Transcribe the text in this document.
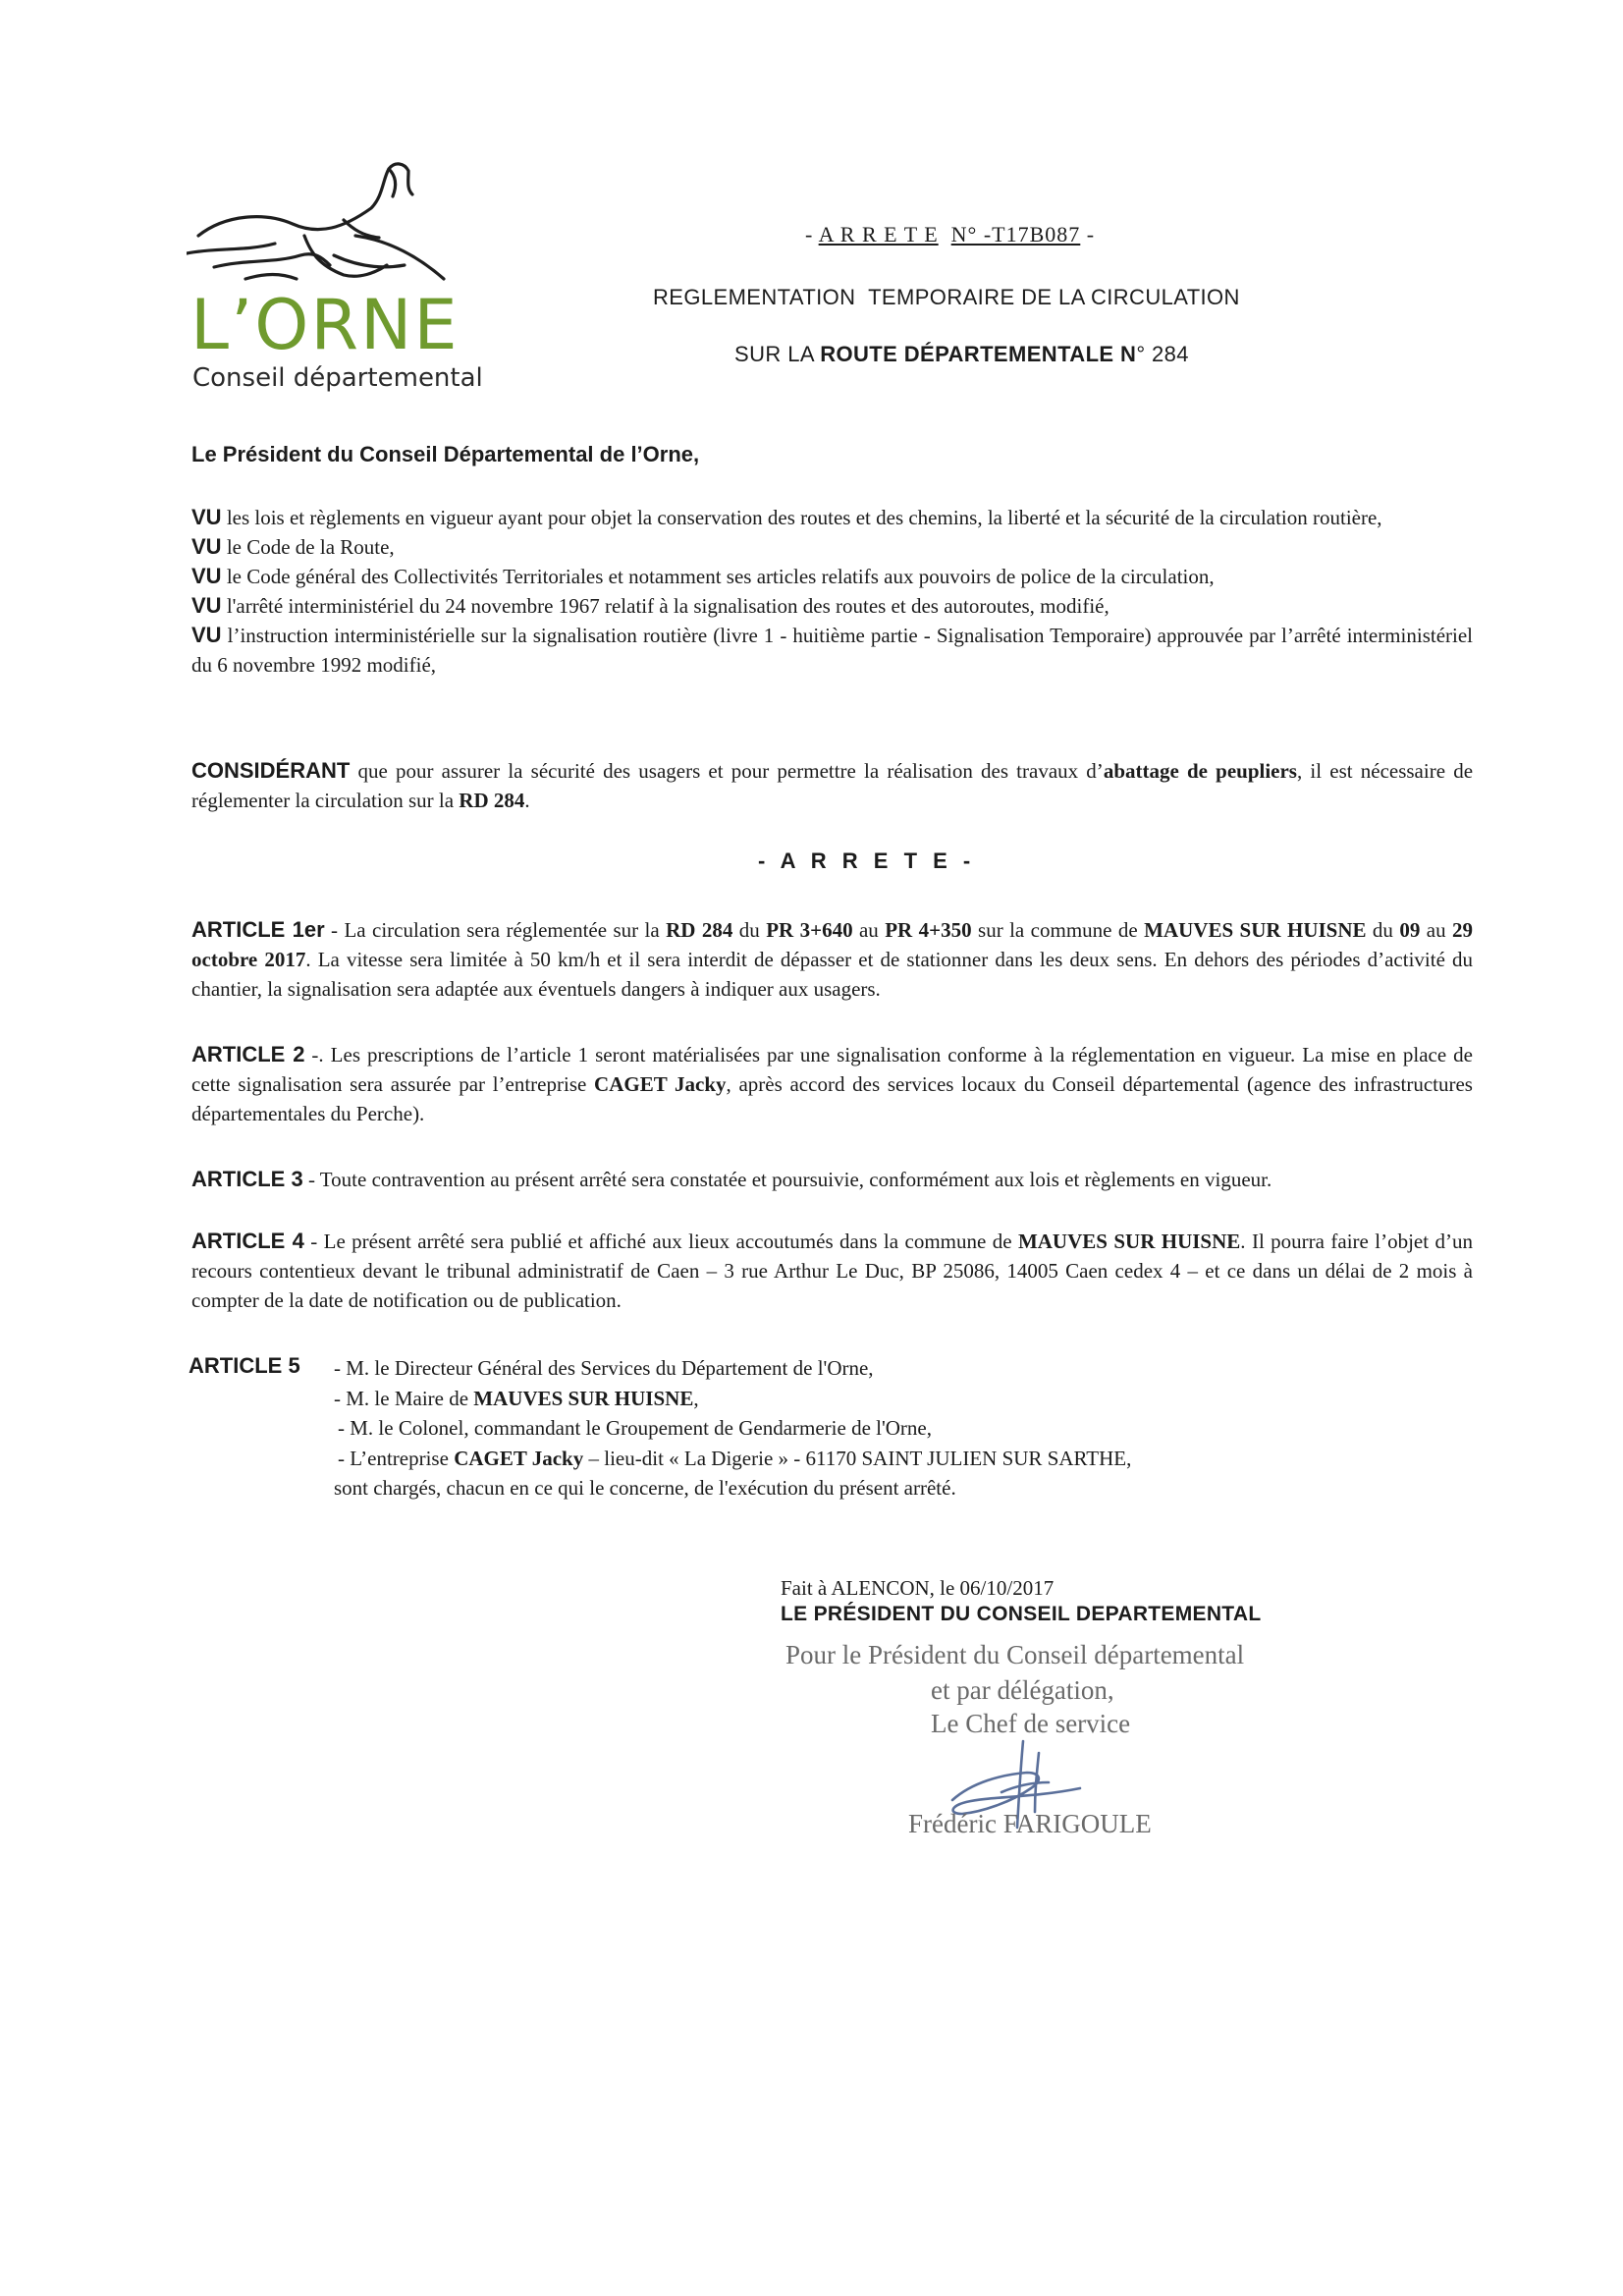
L’ORNE
Conseil départemental
- A R R E T E N° -T17B087 -
REGLEMENTATION  TEMPORAIRE DE LA CIRCULATION

SUR LA ROUTE DÉPARTEMENTALE N° 284

Le Président du Conseil Départemental de l’Orne,

VU les lois et règlements en vigueur ayant pour objet la conservation des routes et des chemins, la liberté et la sécurité de la circulation routière,

VU le Code de la Route,

VU le Code général des Collectivités Territoriales et notamment ses articles relatifs aux pouvoirs de police de la circulation,

VU l'arrêté interministériel du 24 novembre 1967 relatif à la signalisation des routes et des autoroutes, modifié,

VU l’instruction interministérielle sur la signalisation routière (livre 1 - huitième partie - Signalisation Temporaire) approuvée par l’arrêté interministériel du 6 novembre 1992 modifié,

CONSIDÉRANT que pour assurer la sécurité des usagers et pour permettre la réalisation des travaux d’abattage de peupliers, il est nécessaire de réglementer la circulation sur la RD 284.
- A R R E T E -
ARTICLE 1er - La circulation sera réglementée sur la RD 284 du PR 3+640 au PR 4+350 sur la commune de MAUVES SUR HUISNE du 09 au 29 octobre 2017. La vitesse sera limitée à 50 km/h et il sera interdit de dépasser et de stationner dans les deux sens. En dehors des périodes d’activité du chantier, la signalisation sera adaptée aux éventuels dangers à indiquer aux usagers.
ARTICLE 2 -. Les prescriptions de l’article 1 seront matérialisées par une signalisation conforme à la réglementation en vigueur. La mise en place de cette signalisation sera assurée par l’entreprise CAGET Jacky, après accord des services locaux du Conseil départemental (agence des infrastructures départementales du Perche).
ARTICLE 3 - Toute contravention au présent arrêté sera constatée et poursuivie, conformément aux lois et règlements en vigueur.
ARTICLE 4 - Le présent arrêté sera publié et affiché aux lieux accoutumés dans la commune de MAUVES SUR HUISNE. Il pourra faire l’objet d’un recours contentieux devant le tribunal administratif de Caen – 3 rue Arthur Le Duc, BP 25086, 14005 Caen cedex 4 – et ce dans un délai de 2 mois à compter de la date de notification ou de publication.
ARTICLE 5 - M. le Directeur Général des Services du Département de l'Orne,
- M. le Maire de MAUVES SUR HUISNE,
- M. le Colonel, commandant le Groupement de Gendarmerie de l'Orne,
- L’entreprise CAGET Jacky – lieu-dit « La Digerie » - 61170 SAINT JULIEN SUR SARTHE,
sont chargés, chacun en ce qui le concerne, de l'exécution du présent arrêté.
Fait à ALENCON, le 06/10/2017
LE PRÉSIDENT DU CONSEIL DEPARTEMENTAL
Pour le Président du Conseil départemental
et par délégation,
Le Chef de service
Frédéric FARIGOULE
